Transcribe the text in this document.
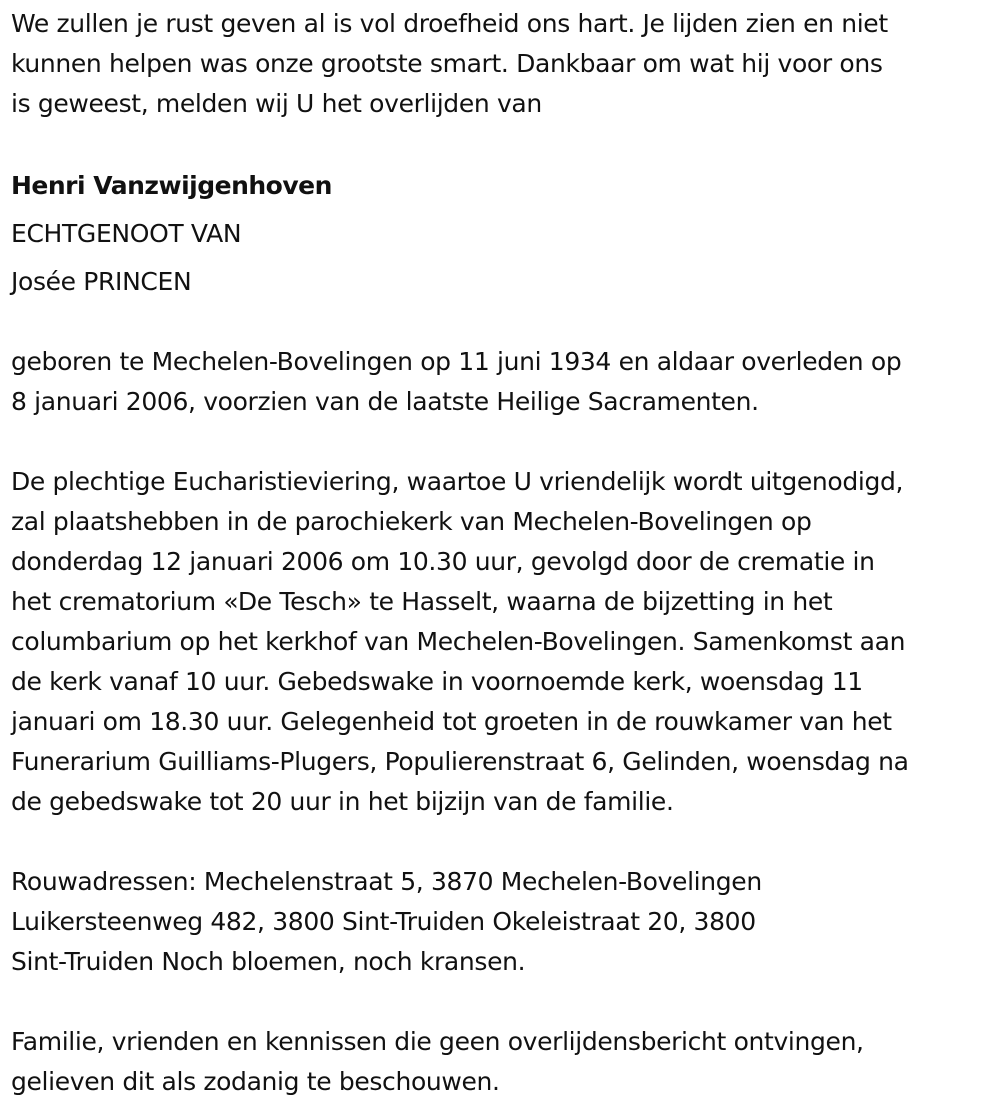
We zullen je rust geven al is vol droefheid ons hart. Je lijden zien en niet
kunnen helpen was onze grootste smart. Dankbaar om wat hij voor ons
is geweest, melden wij U het overlijden van
Henri Vanzwijgenhoven
ECHTGENOOT VAN
Josée PRINCEN
geboren te Mechelen-Bovelingen op 11 juni 1934 en aldaar overleden op
8 januari 2006, voorzien van de laatste Heilige Sacramenten.
De plechtige Eucharistieviering, waartoe U vriendelijk wordt uitgenodigd,
zal plaatshebben in de parochiekerk van Mechelen-Bovelingen op
donderdag 12 januari 2006 om 10.30 uur, gevolgd door de crematie in
het crematorium «De Tesch» te Hasselt, waarna de bijzetting in het
columbarium op het kerkhof van Mechelen-Bovelingen. Samenkomst aan
de kerk vanaf 10 uur. Gebedswake in voornoemde kerk, woensdag 11
januari om 18.30 uur. Gelegenheid tot groeten in de rouwkamer van het
Funerarium Guilliams-Plugers, Populierenstraat 6, Gelinden, woensdag na
de gebedswake tot 20 uur in het bijzijn van de familie.
Rouwadressen: Mechelenstraat 5, 3870 Mechelen-Bovelingen
Luikersteenweg 482, 3800 Sint-Truiden Okeleistraat 20, 3800
Sint-Truiden Noch bloemen, noch kransen.
Familie, vrienden en kennissen die geen overlijdensbericht ontvingen,
gelieven dit als zodanig te beschouwen.
